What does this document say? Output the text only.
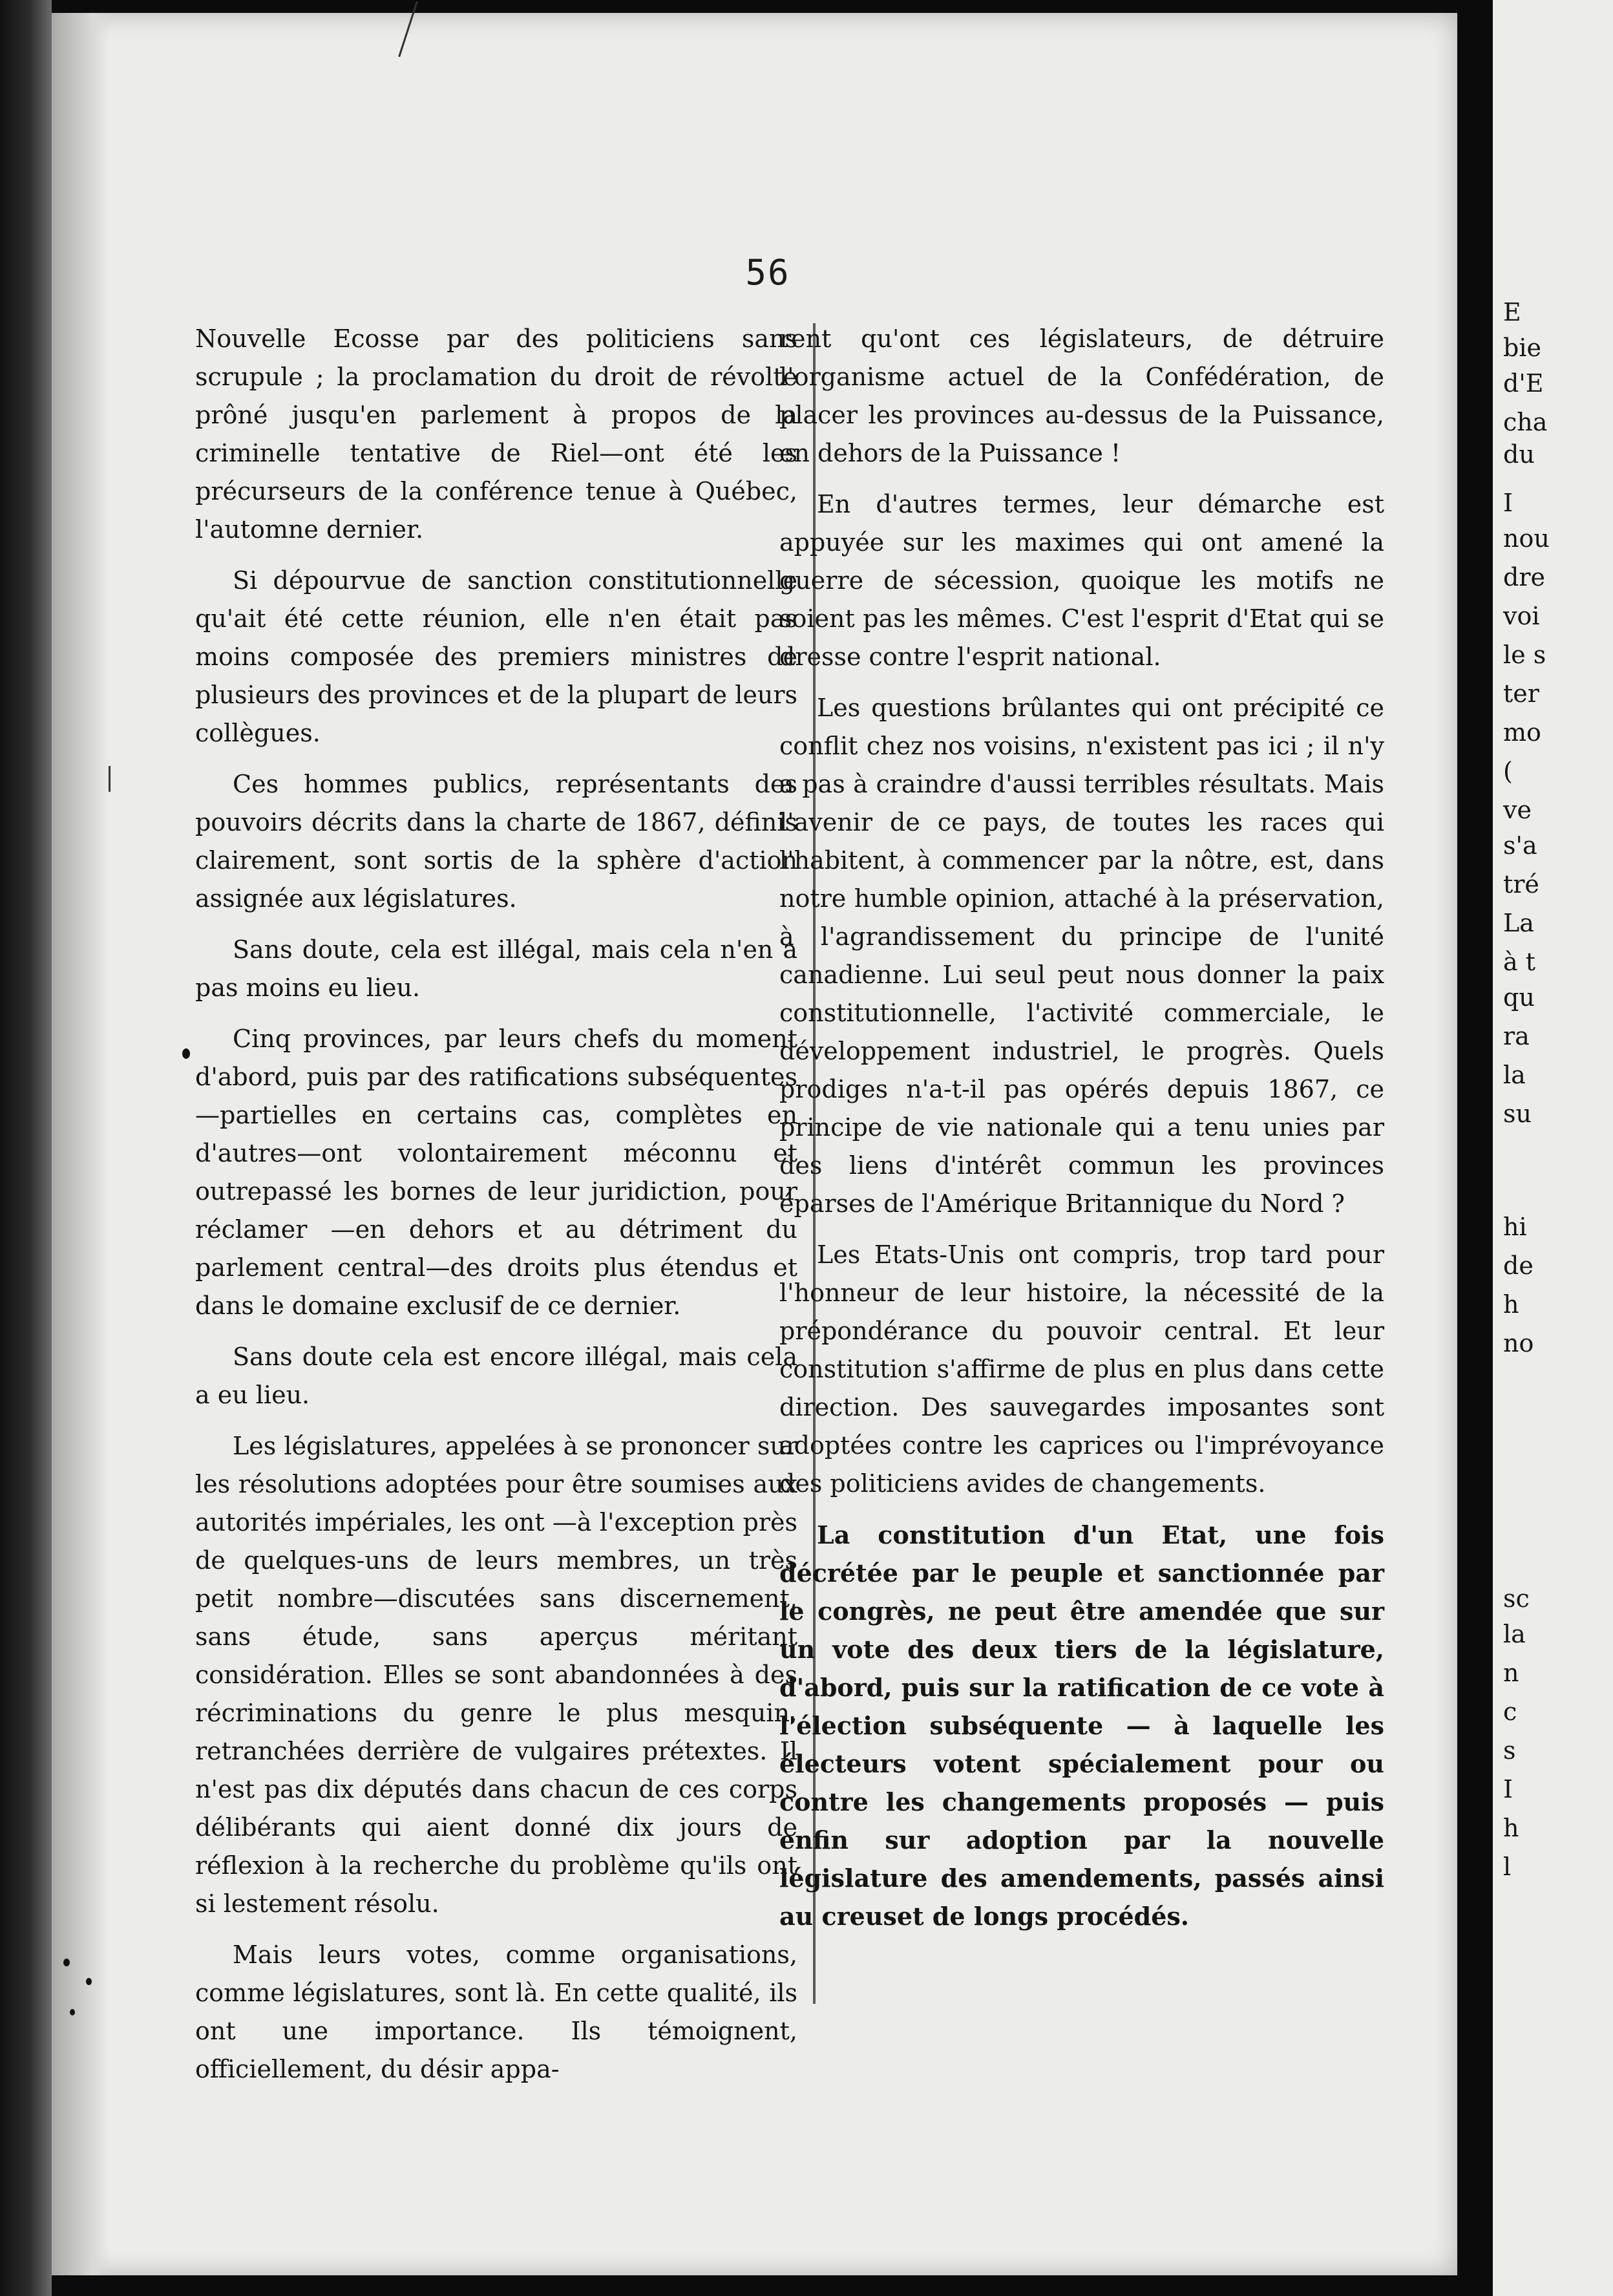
56

Nouvelle Ecosse par des politiciens sans scrupule ; la proclamation du droit de révolte prôné jusqu'en parlement à propos de la criminelle tentative de Riel—ont été les précurseurs de la conférence tenue à Québec, l'automne dernier.

Si dépourvue de sanction constitutionnelle qu'ait été cette réunion, elle n'en était pas moins composée des premiers ministres de plusieurs des provinces et de la plupart de leurs collègues.

Ces hommes publics, représentants des pouvoirs décrits dans la charte de 1867, définis clairement, sont sortis de la sphère d'action assignée aux législatures.

Sans doute, cela est illégal, mais cela n'en a pas moins eu lieu.

Cinq provinces, par leurs chefs du moment d'abord, puis par des ratifications subséquentes—partielles en certains cas, complètes en d'autres—ont volontairement méconnu et outrepassé les bornes de leur juridiction, pour réclamer —en dehors et au détriment du parlement central—des droits plus étendus et dans le domaine exclusif de ce dernier.

Sans doute cela est encore illégal, mais cela a eu lieu.

Les législatures, appelées à se prononcer sur les résolutions adoptées pour être soumises aux autorités impériales, les ont —à l'exception près de quelques-uns de leurs membres, un très petit nombre—discutées sans discernement, sans étude, sans aperçus méritant considération. Elles se sont abandonnées à des récriminations du genre le plus mesquin, retranchées derrière de vulgaires prétextes. Il n'est pas dix députés dans chacun de ces corps délibérants qui aient donné dix jours de réflexion à la recherche du problème qu'ils ont si lestement résolu.

Mais leurs votes, comme organisations, comme législatures, sont là. En cette qualité, ils ont une importance. Ils témoignent, officiellement, du désir appa-

rent qu'ont ces législateurs, de détruire l'organisme actuel de la Confédération, de placer les provinces au-dessus de la Puissance, en dehors de la Puissance !

En d'autres termes, leur démarche est appuyée sur les maximes qui ont amené la guerre de sécession, quoique les motifs ne soient pas les mêmes. C'est l'esprit d'Etat qui se dresse contre l'esprit national.

Les questions brûlantes qui ont précipité ce conflit chez nos voisins, n'existent pas ici ; il n'y a pas à craindre d'aussi terribles résultats. Mais l'avenir de ce pays, de toutes les races qui l'habitent, à commencer par la nôtre, est, dans notre humble opinion, attaché à la préservation, à l'agrandissement du principe de l'unité canadienne. Lui seul peut nous donner la paix constitutionnelle, l'activité commerciale, le développement industriel, le progrès. Quels prodiges n'a-t-il pas opérés depuis 1867, ce principe de vie nationale qui a tenu unies par des liens d'intérêt commun les provinces éparses de l'Amérique Britannique du Nord ?

Les Etats-Unis ont compris, trop tard pour l'honneur de leur histoire, la nécessité de la prépondérance du pouvoir central. Et leur constitution s'affirme de plus en plus dans cette direction. Des sauvegardes imposantes sont adoptées contre les caprices ou l'imprévoyance des politiciens avides de changements.

La constitution d'un Etat, une fois décrétée par le peuple et sanctionnée par le congrès, ne peut être amendée que sur un vote des deux tiers de la législature, d'abord, puis sur la ratification de ce vote à l'élection subséquente — à laquelle les électeurs votent spécialement pour ou contre les changements proposés — puis enfin sur adoption par la nouvelle législature des amendements, passés ainsi au creuset de longs procédés.

E
bie
d'E
cha
du
I
nou
dre
voi
le s
ter
mo
(
ve
s'a
tré
La
à t
qu
ra
la
su
hi
de
h
no
sc
la
n
c
s
I
h
l
